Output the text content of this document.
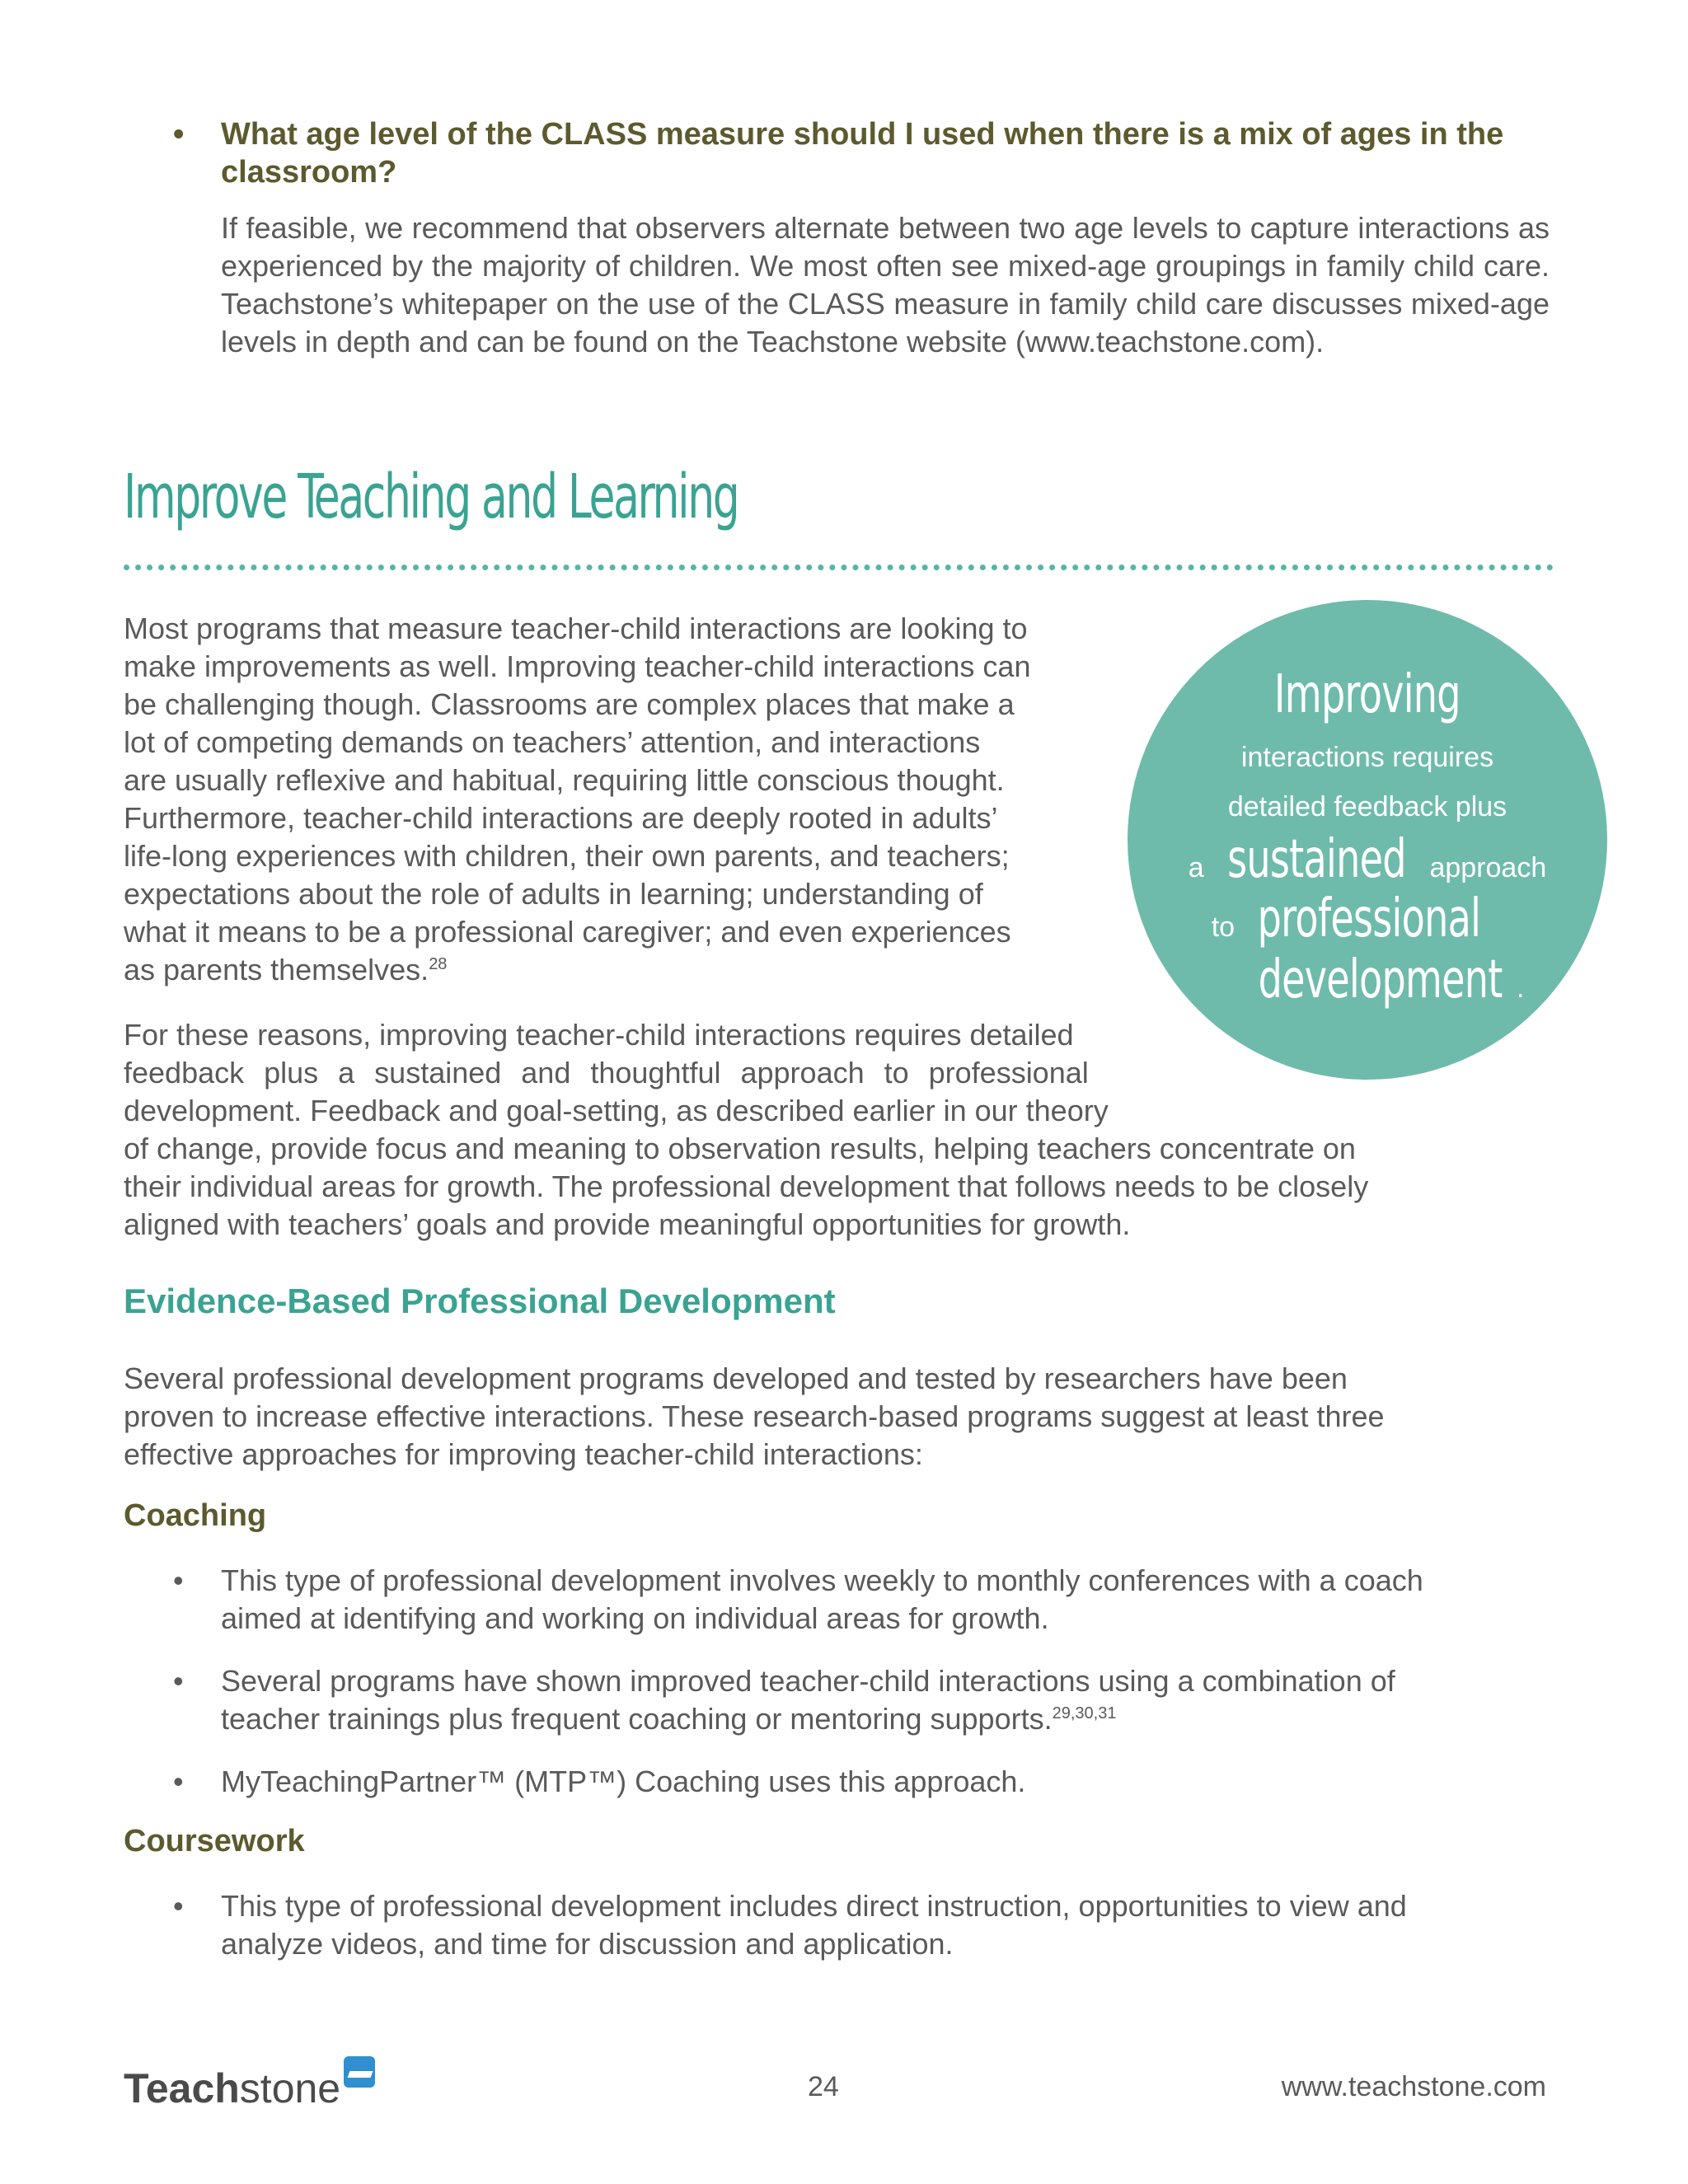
• What age level of the CLASS measure should I used when there is a mix of ages in the classroom?

If feasible, we recommend that observers alternate between two age levels to capture interactions as experienced by the majority of children. We most often see mixed-age groupings in family child care. Teachstone’s whitepaper on the use of the CLASS measure in family child care discusses mixed-age levels in depth and can be found on the Teachstone website (www.teachstone.com).

Improve Teaching and Learning

Most programs that measure teacher-child interactions are looking to
make improvements as well. Improving teacher-child interactions can
be challenging though. Classrooms are complex places that make a
lot of competing demands on teachers’ attention, and interactions
are usually reflexive and habitual, requiring little conscious thought.
Furthermore, teacher-child interactions are deeply rooted in adults’
life-long experiences with children, their own parents, and teachers;
expectations about the role of adults in learning; understanding of
what it means to be a professional caregiver; and even experiences
as parents themselves.$^{28}$

For these reasons, improving teacher-child interactions requires detailed
feedback plus a sustained and thoughtful approach to professional
development. Feedback and goal-setting, as described earlier in our theory
of change, provide focus and meaning to observation results, helping teachers concentrate on
their individual areas for growth. The professional development that follows needs to be closely
aligned with teachers’ goals and provide meaningful opportunities for growth.

Improving
interactions requires
detailed feedback plus
a sustained approach
to professional
development .
Evidence-Based Professional Development

Several professional development programs developed and tested by researchers have been
proven to increase effective interactions. These research-based programs suggest at least three
effective approaches for improving teacher-child interactions:

Coaching
• This type of professional development involves weekly to monthly conferences with a coach
aimed at identifying and working on individual areas for growth.
• Several programs have shown improved teacher-child interactions using a combination of
teacher trainings plus frequent coaching or mentoring supports.$^{29,30,31}$
• MyTeachingPartner™ (MTP™) Coaching uses this approach.
Coursework
• This type of professional development includes direct instruction, opportunities to view and
analyze videos, and time for discussion and application.
Teachstone	24	www.teachstone.com
